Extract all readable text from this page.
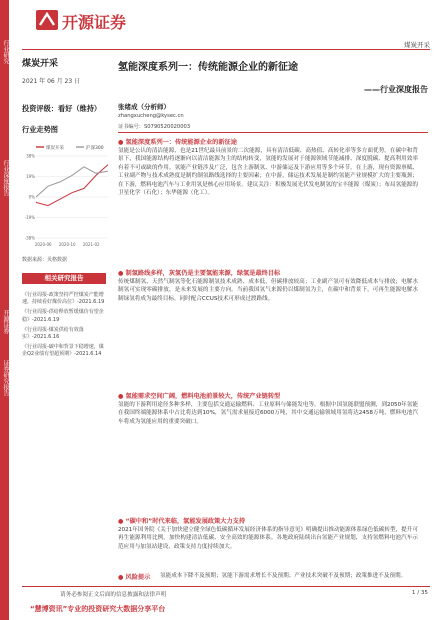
行业研究
行业深度报告
开源证券
证券研究报告
开源证券
煤炭开采
煤炭开采
2021 年 06 月 23 日
投资评级：看好（维持）
行业走势图
煤炭开采	沪深300
38%
19%
0%
-19%
-38%
2020-06 2020-10 2021-02
数据来源：贝格数据
相关研究报告
《行业周报-政策坚持严控煤炭产能增速，持续看好煤价高位》-2021.6.19
《行业周报-供给释放暂缓煤价有望企稳》-2021.6.19
《行业周报-煤炭供给有效落实》-2021.6.16
《行业周报-碳中和背景下稳增速，煤企Q2业绩有望超预期》-2021.6.14
氢能深度系列一：传统能源企业的新征途
——行业深度报告
张绪成（分析师）
zhangxucheng@kysec.cn
证书编号：S0790520020003
● 氢能深度系列一：传统能源企业的新征途
氢能是公认的清洁能源，也是21世纪最具前景的二次能源，具有清洁低碳、高热值、高转化率等多方面优势。在碳中和背景下，我国能源结构将逐渐向以清洁能源为主的结构转变，氢能的发展对于能源领域节能减排、深度脱碳、提高利用效率有着不可或缺的作用。氢能产业链涉及广泛，包含上游制氢、中游储运及下游应用等多个环节。在上游，现有资源禀赋、工业副产物与技术成熟度是制约制氢路线选择的主要因素；在中游，储运技术发展是制约氢能产业规模扩大的主要瓶颈；在下游，燃料电池汽车与工业用氢是核心应用场景。建议关注：积极发展光伏发电制氢的宝丰能源（煤炭）；布局氢能源的卫星化学（石化）；东华能源（化工）。
● 制氢路线多样，灰氢仍是主要氢能来源，绿氢是最终目标
传统煤制氢、天然气制氢等化石能源制氢技术成熟、成本低，但碳排放较高；工业副产氢可有效降低成本与排放；电解水制氢可实现零碳排放，是未来发展的主要方向。当前我国氢气来源仍以煤制氢为主，在碳中和背景下，可再生能源电解水制绿氢将成为最终目标，同时配合CCUS技术可形成过渡路线。
● 氢能需求空间广阔，燃料电池前景较大，传统产业链转型
氢能的下游利用途径多种多样，主要包括交通运输燃料、工业原料与储能发电等。根据中国氢能联盟预测，到2050年氢能在我国终端能源体系中占比将达到10%，氢气需求量接近6000万吨，其中交通运输领域用氢将达2458万吨，燃料电池汽车将成为氢能应用的重要突破口。
● “碳中和”时代来临，氢能发展政策大力支持
2021年国务院《关于加快建立健全绿色低碳循环发展经济体系的指导意见》明确提出推动能源体系绿色低碳转型，提升可再生能源利用比例，加快构建清洁低碳、安全高效的能源体系。各地政府陆续出台氢能产业规划，支持氢燃料电池汽车示范应用与加氢站建设，政策支持力度持续加大。
● 风险提示 氢能成本下降不及预期；氢能下游需求增长不及预期；产业技术突破不及预期；政策推进不及预期。
请务必参阅正文后面的信息披露和法律声明	1 / 35
“慧博资讯”专业的投资研究大数据分享平台
